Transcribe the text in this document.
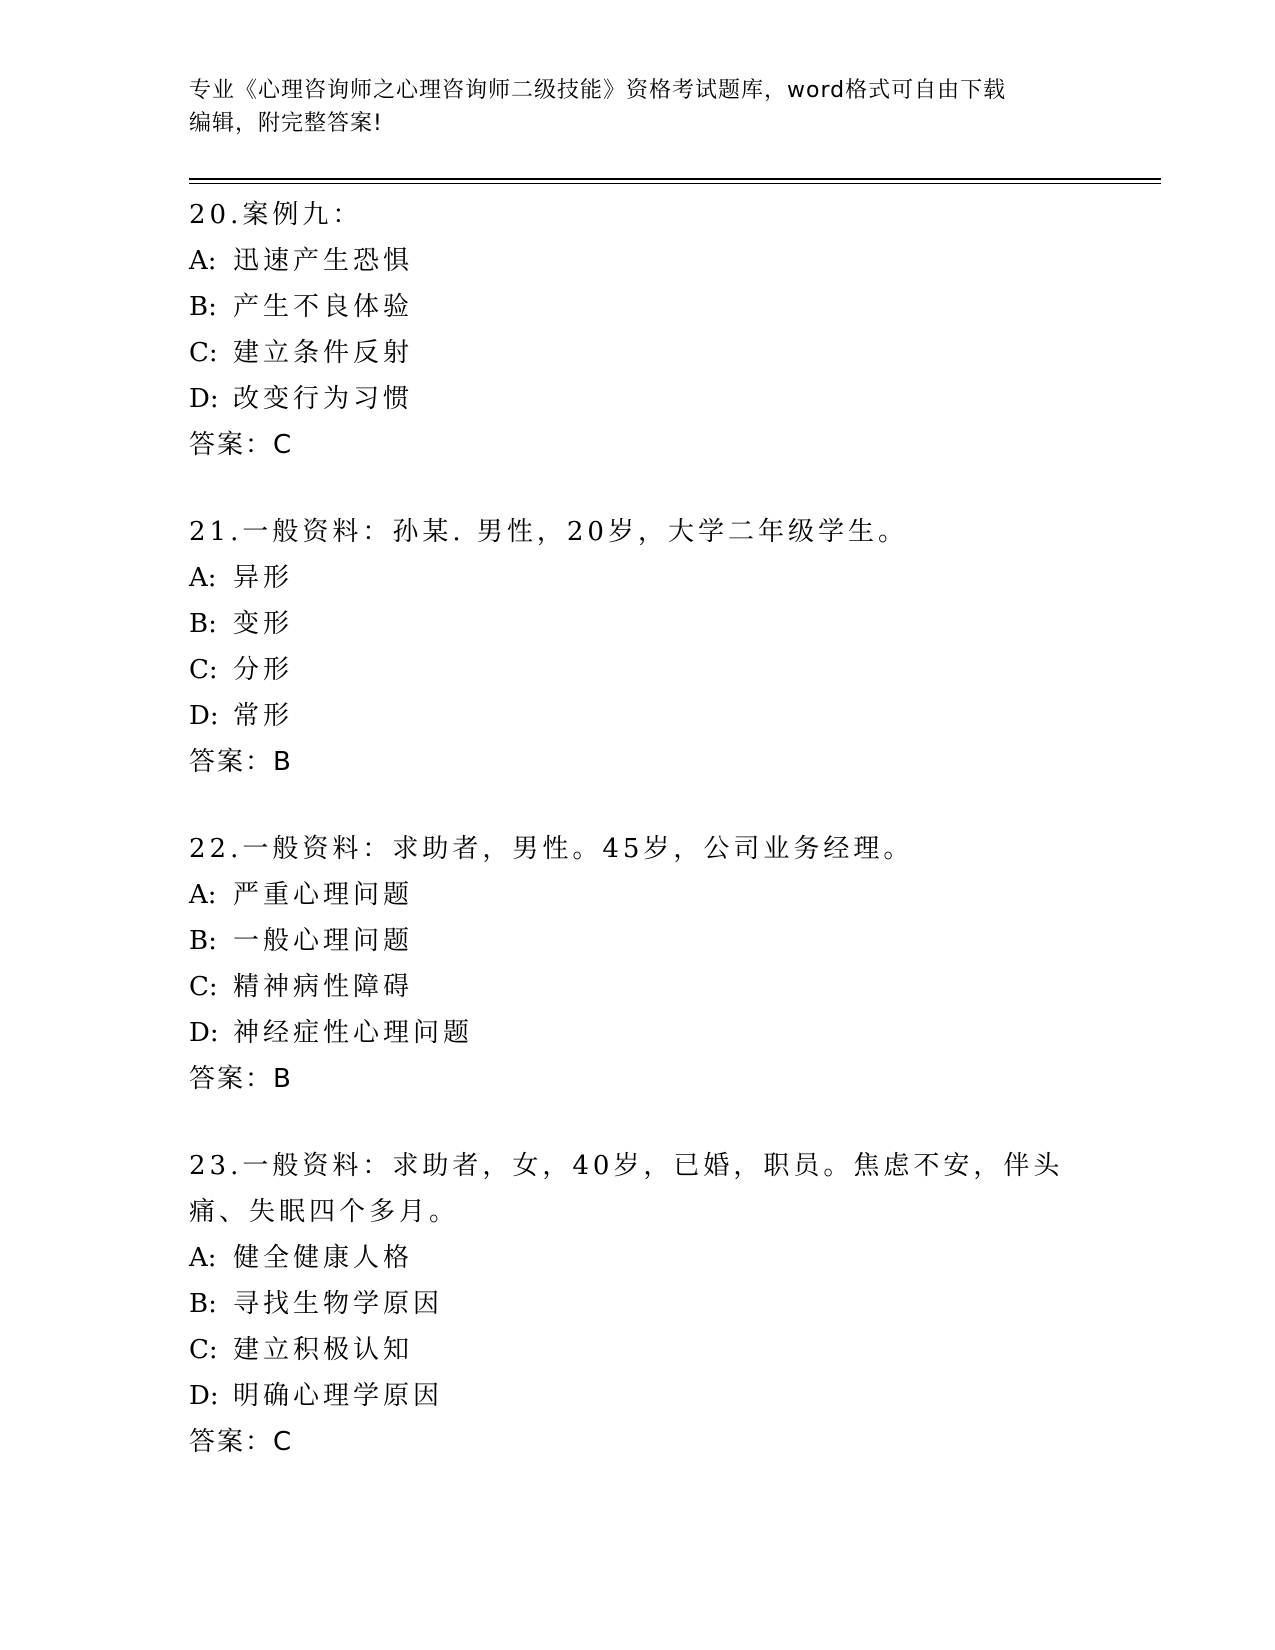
专业《心理咨询师之心理咨询师二级技能》资格考试题库，word格式可自由下载
编辑，附完整答案!
20.案例九：
A: 迅速产生恐惧
B: 产生不良体验
C: 建立条件反射
D: 改变行为习惯
答案：C
21.一般资料：孙某. 男性，20岁，大学二年级学生。
A: 异形
B: 变形
C: 分形
D: 常形
答案：B
22.一般资料：求助者，男性。45岁，公司业务经理。
A: 严重心理问题
B: 一般心理问题
C: 精神病性障碍
D: 神经症性心理问题
答案：B
23.一般资料：求助者，女，40岁，已婚，职员。焦虑不安，伴头痛、失眠四个多月。
A: 健全健康人格
B: 寻找生物学原因
C: 建立积极认知
D: 明确心理学原因
答案：C
